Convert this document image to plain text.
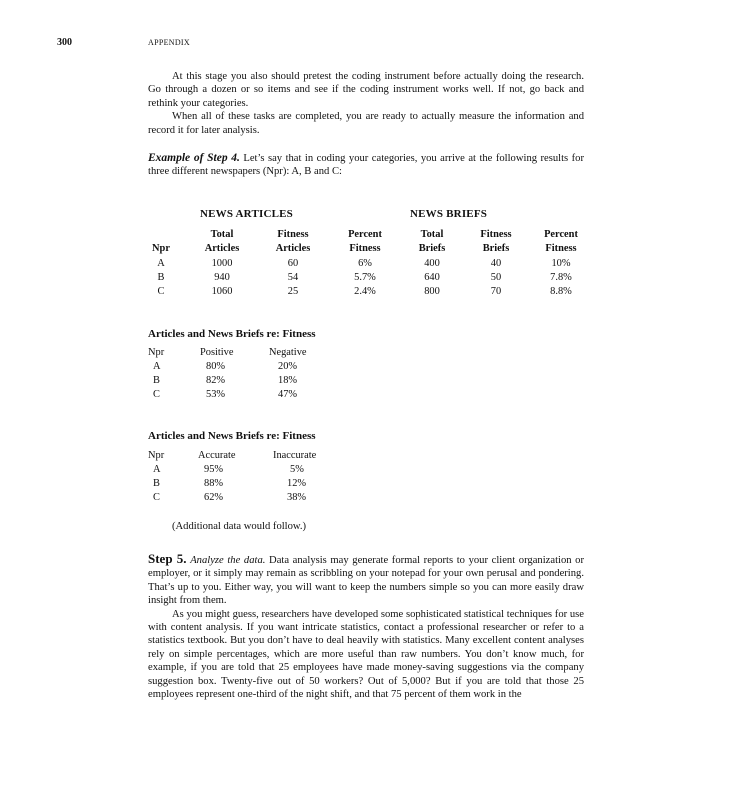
300	APPENDIX

At this stage you also should pretest the coding instrument before actually doing the research. Go through a dozen or so items and see if the coding instrument works well. If not, go back and rethink your categories.

When all of these tasks are completed, you are ready to actually measure the information and record it for later analysis.

Example of Step 4. Let’s say that in coding your categories, you arrive at the following results for three different newspapers (Npr): A, B and C:

NEWS ARTICLES	NEWS BRIEFS
Total	Fitness	Percent	Total	Fitness	Percent
Npr	Articles	Articles	Fitness	Briefs	Briefs	Fitness
A	1000	60	6%	400	40	10%
B	940	54	5.7%	640	50	7.8%
C	1060	25	2.4%	800	70	8.8%
Articles and News Briefs re: Fitness
Npr	Positive	Negative
A	80%	20%
B	82%	18%
C	53%	47%
Articles and News Briefs re: Fitness
Npr	Accurate	Inaccurate
A	95%	5%
B	88%	12%
C	62%	38%
(Additional data would follow.)

Step 5. Analyze the data. Data analysis may generate formal reports to your client organization or employer, or it simply may remain as scribbling on your notepad for your own perusal and pondering. That’s up to you. Either way, you will want to keep the numbers simple so you can more easily draw insight from them.

As you might guess, researchers have developed some sophisticated statistical techniques for use with content analysis. If you want intricate statistics, contact a professional researcher or refer to a statistics textbook. But you don’t have to deal heavily with statistics. Many excellent content analyses rely on simple percentages, which are more useful than raw numbers. You don’t know much, for example, if you are told that 25 employees have made money-saving suggestions via the company suggestion box. Twenty-five out of 50 workers? Out of 5,000? But if you are told that those 25 employees represent one-third of the night shift, and that 75 percent of them work in the
